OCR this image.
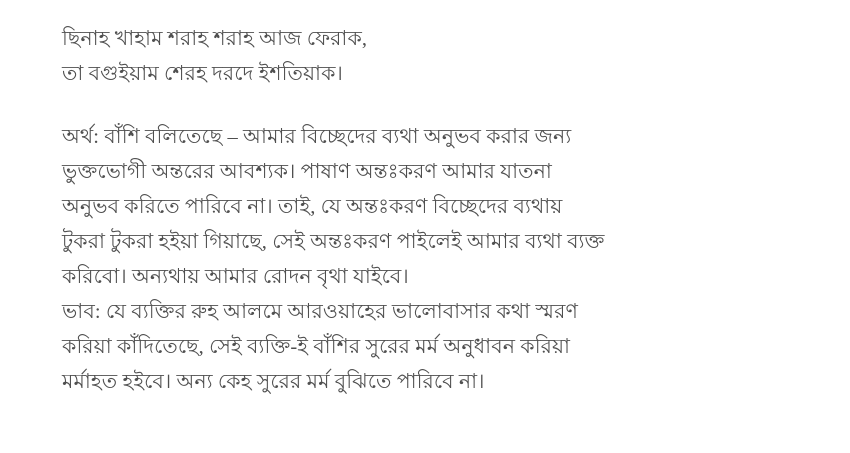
ছিনাহ খাহাম শরাহ শরাহ আজ ফেরাক,
তা বগুইয়াম শেরহ দরদে ইশতিয়াক।
অর্থ: বাঁশি বলিতেছে – আমার বিচ্ছেদের ব্যথা অনুভব করার জন্য
ভুক্তভোগী অন্তরের আবশ্যক। পাষাণ অন্তঃকরণ আমার যাতনা
অনুভব করিতে পারিবে না। তাই, যে অন্তঃকরণ বিচ্ছেদের ব্যথায়
টুকরা টুকরা হইয়া গিয়াছে, সেই অন্তঃকরণ পাইলেই আমার ব্যথা ব্যক্ত
করিবো। অন্যথায় আমার রোদন বৃথা যাইবে।
ভাব: যে ব্যক্তির রুহ আলমে আরওয়াহের ভালোবাসার কথা স্মরণ
করিয়া কাঁদিতেছে, সেই ব্যক্তি-ই বাঁশির সুরের মর্ম অনুধাবন করিয়া
মর্মাহত হইবে। অন্য কেহ সুরের মর্ম বুঝিতে পারিবে না।
